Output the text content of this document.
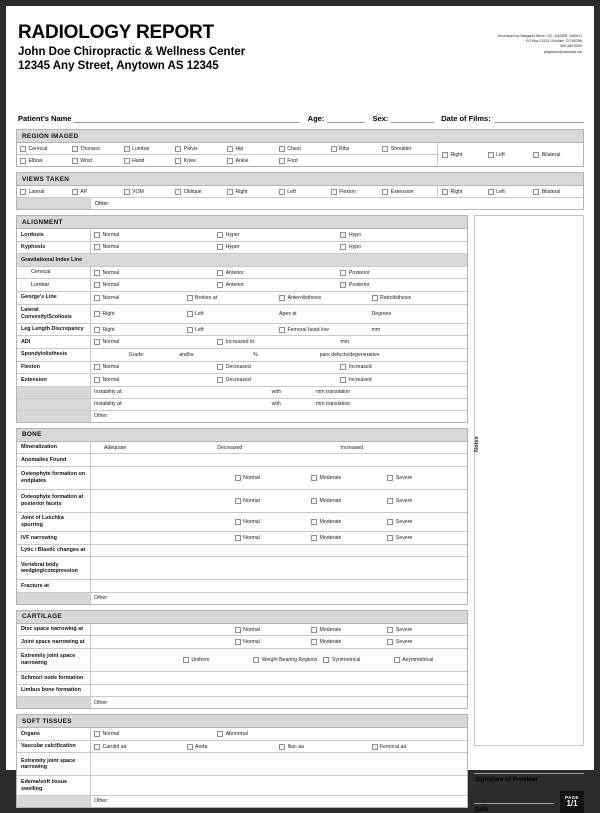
RADIOLOGY REPORT
John Doe Chiropractic & Wellness Center
12345 Any Street, Anytown AS 12345
Developed by Margaret Seron, DC, DACBR, DABCO
PO Box 21513, Boulder, CO 80308
300.460.9009
pegseron@comcast.net
Patient's Name	Age:	Sex:	Date of Films:
REGION IMAGED
Cervical	Thoracic	Lumbar	Pelvis	Hip	Chest	Ribs	Shoulder
Elbow	Wrist	Hand	Knee	Ankle	Foot
Right	Left	Bilateral
VIEWS TAKEN
Lateral	AP	VOM	Oblique	Right	Left	Flexion	Extension	Right	Left	Bilateral
Other:
ALIGNMENT
Lordosis	Normal	Hyper	Hypo
Kyphosis	Normal	Hyper	Hypo
Gravitational Index Line
Cervical	Normal	Anterior	Posterior
Lumbar	Normal	Anterior	Posterior
George's Line	Normal	Broken at	Anterolisthesis	Retrolisthesis
Lateral Convexity/Scoliosis	Right	Left	Apex at	Degrees
Leg Length Discrepancy	Right	Left	Femoral head low	mm
ADI	Normal	Increased to:	mm
Spondylolisthesis	Grade:	and/or	%	pars defects/degenerative
Flexion	Normal	Decreased	Increased
Extension	Normal	Decreased	Increased
Instability at:	with	mm translation
Instability at:	with	mm translation
Other:
BONE
Mineralization	Adequate	Decreased	Increased
Anomalies Found
Osteophyte formation on endplates	Normal	Moderate	Severe
Osteophyte formation at posterior facets	Normal	Moderate	Severe
Joint of Luschka spurring	Normal	Moderate	Severe
IVF narrowing	Normal	Moderate	Severe
Lytic / Blastic changes at
Vertebral body wedging/compression
Fracture at
Other:
CARTILAGE
Disc space narrowing at	Normal	Moderate	Severe
Joint space narrowing at	Normal	Moderate	Severe
Extremity joint space narrowing	Uniform	Weight Bearing Regions	Symmetrical	Asymmetrical
Schmorl node formation
Limbus bone formation
Other:
SOFT TISSUES
Organs	Normal	Abnormal
Vascular calcification	Carotid aa	Aorta	Iliac aa	Femoral aa
Extremity joint space narrowing
Edema/soft tissue swelling
Other:
Notes
Signature of Provider
Date
PAGE
1/1
